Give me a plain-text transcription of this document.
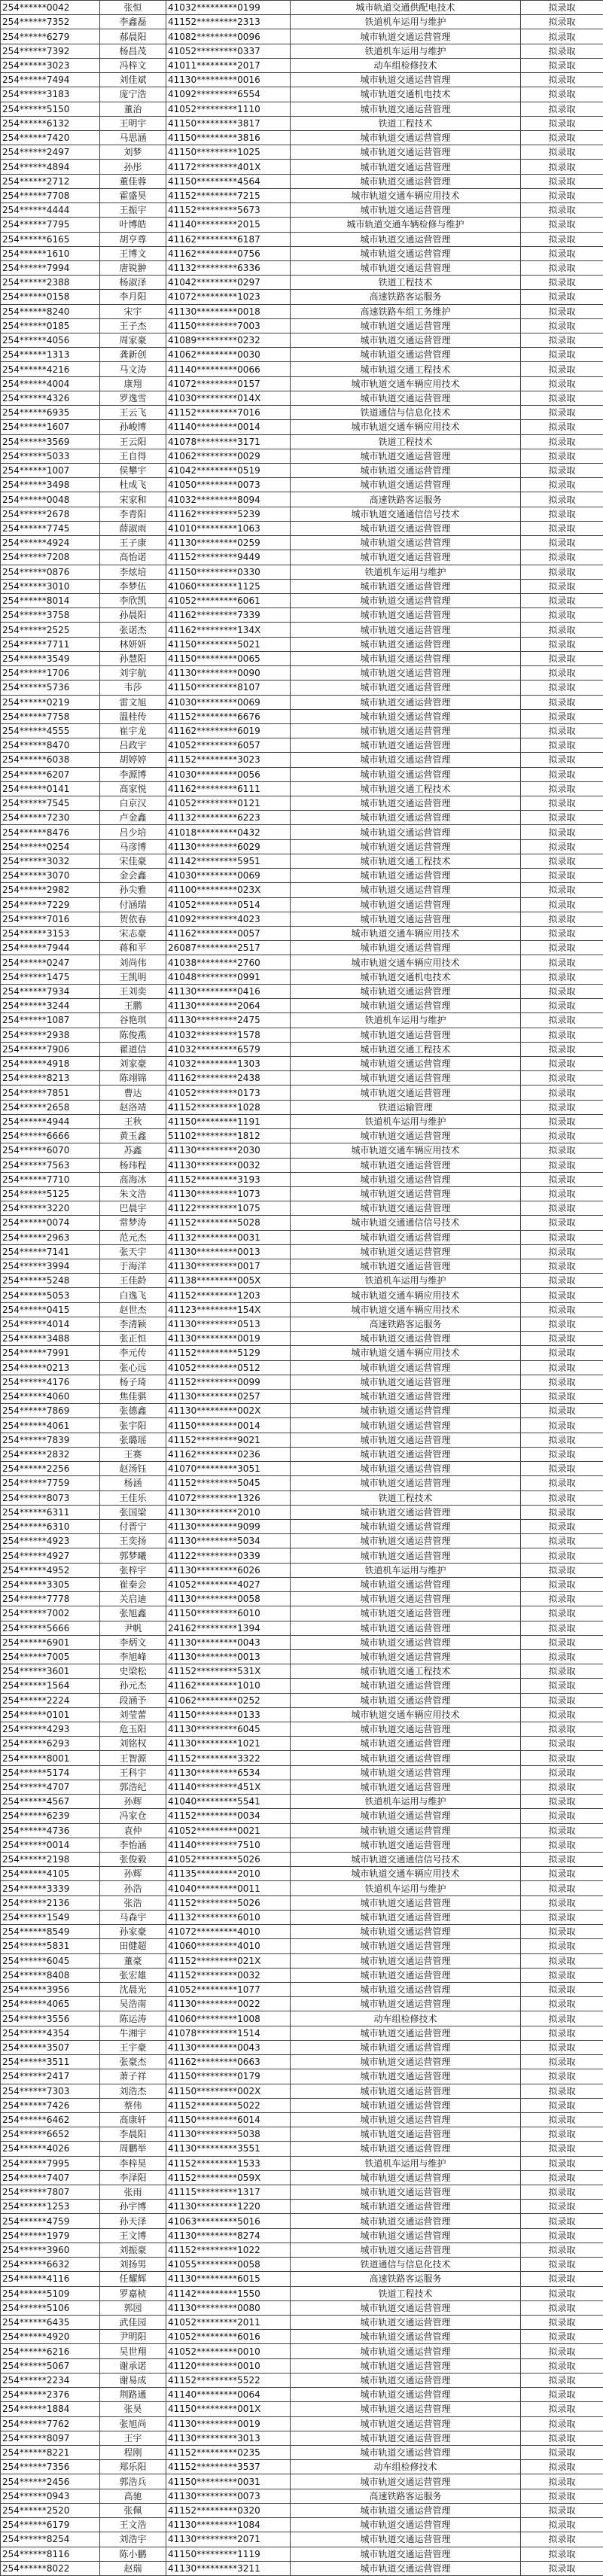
254******0042	张恒	41032*********0199	城市轨道交通供配电技术	拟录取
254******7352	李鑫磊	41152*********2313	铁道机车运用与维护	拟录取
254******6279	郝晨阳	41082*********0096	城市轨道交通运营管理	拟录取
254******7392	杨昌茂	41052*********0337	铁道机车运用与维护	拟录取
254******3023	冯梓文	41011*********2017	动车组检修技术	拟录取
254******7494	刘佳斌	41130*********0016	城市轨道交通运营管理	拟录取
254******3183	庞宁浩	41092*********6554	城市轨道交通机电技术	拟录取
254******5150	董治	41052*********1110	城市轨道交通运营管理	拟录取
254******6132	王明宇	41150*********3817	铁道工程技术	拟录取
254******7420	马思涵	41150*********3816	城市轨道交通运营管理	拟录取
254******2497	刘梦	41150*********1025	城市轨道交通运营管理	拟录取
254******4894	孙彤	41172*********401X	城市轨道交通运营管理	拟录取
254******2712	董佳蓉	41150*********4564	城市轨道交通运营管理	拟录取
254******7708	霍盛昊	41152*********7215	城市轨道交通车辆应用技术	拟录取
254******4444	王振宇	41152*********5673	城市轨道交通运营管理	拟录取
254******7795	叶博皓	41140*********2015	城市轨道交通车辆检修与维护	拟录取
254******6165	胡亨尊	41162*********6187	城市轨道交通运营管理	拟录取
254******1610	王博文	41162*********0756	城市轨道交通运营管理	拟录取
254******7994	唐锐翀	41132*********6336	城市轨道交通运营管理	拟录取
254******2388	杨淑泽	41042*********0297	铁道工程技术	拟录取
254******0158	李月阳	41072*********1023	高速铁路客运服务	拟录取
254******8240	宋宇	41130*********0018	高速铁路车组工务维护	拟录取
254******0185	王子杰	41150*********7003	城市轨道交通运营管理	拟录取
254******4056	周家豪	41089*********0232	城市轨道交通运营管理	拟录取
254******1313	龚新创	41062*********0030	城市轨道交通运营管理	拟录取
254******4216	马文涛	41140*********0066	城市轨道交通工程技术	拟录取
254******4004	康翔	41072*********0157	城市轨道交通车辆应用技术	拟录取
254******4326	罗逸雪	41030*********014X	城市轨道交通运营管理	拟录取
254******6935	王云飞	41152*********7016	铁道通信与信息化技术	拟录取
254******1607	孙峻博	41140*********0014	城市轨道交通车辆应用技术	拟录取
254******3569	王云阳	41078*********3171	铁道工程技术	拟录取
254******5033	王自得	41062*********0029	城市轨道交通运营管理	拟录取
254******1007	侯攀宇	41042*********0519	城市轨道交通运营管理	拟录取
254******3498	杜成飞	41050*********0073	城市轨道交通运营管理	拟录取
254******0048	宋家和	41032*********8094	高速铁路客运服务	拟录取
254******2678	李青阳	41162*********5239	城市轨道交通通信信号技术	拟录取
254******7745	薛淑雨	41010*********1063	城市轨道交通运营管理	拟录取
254******4924	王子康	41130*********0259	城市轨道交通运营管理	拟录取
254******7208	高怡诺	41152*********9449	城市轨道交通运营管理	拟录取
254******0876	李炫培	41150*********0330	铁道机车运用与维护	拟录取
254******3010	李梦伍	41060*********1125	城市轨道交通运营管理	拟录取
254******8014	李欣凯	41052*********6061	城市轨道交通运营管理	拟录取
254******3758	孙晨阳	41162*********7339	城市轨道交通运营管理	拟录取
254******2525	张诺杰	41162*********134X	城市轨道交通运营管理	拟录取
254******7711	林妍妍	41150*********5021	城市轨道交通运营管理	拟录取
254******3549	孙慧阳	41150*********0065	城市轨道交通运营管理	拟录取
254******1706	刘宇航	41130*********0090	城市轨道交通运营管理	拟录取
254******5736	韦莎	41150*********8107	城市轨道交通运营管理	拟录取
254******0219	雷文旭	41030*********0069	城市轨道交通运营管理	拟录取
254******7758	温桂传	41152*********6676	城市轨道交通运营管理	拟录取
254******4555	崔宇龙	41162*********6019	城市轨道交通运营管理	拟录取
254******8470	吕政宇	41052*********6057	城市轨道交通运营管理	拟录取
254******6038	胡婷婷	41152*********3023	城市轨道交通运营管理	拟录取
254******6207	李源博	41030*********0056	城市轨道交通运营管理	拟录取
254******0141	高家悦	41162*********6111	城市轨道交通工程技术	拟录取
254******7545	白京汉	41052*********0121	城市轨道交通运营管理	拟录取
254******7230	卢金鑫	41132*********6223	城市轨道交通运营管理	拟录取
254******8476	吕少培	41018*********0432	城市轨道交通运营管理	拟录取
254******0254	马彦博	41130*********6029	城市轨道交通运营管理	拟录取
254******3032	宋佳豪	41142*********5951	城市轨道交通工程技术	拟录取
254******3070	金会鑫	41030*********0069	城市轨道交通运营管理	拟录取
254******2982	孙尖雅	41100*********023X	城市轨道交通运营管理	拟录取
254******7229	付涵瑞	41052*********0514	城市轨道交通运营管理	拟录取
254******7016	贺依春	41092*********4023	城市轨道交通运营管理	拟录取
254******3153	宋志豪	41162*********0057	城市轨道交通车辆应用技术	拟录取
254******7944	蒋和平	26087*********2517	城市轨道交通运营管理	拟录取
254******0247	刘尚伟	41038*********2760	城市轨道交通车辆应用技术	拟录取
254******1475	王凯明	41048*********0991	城市轨道交通机电技术	拟录取
254******7934	王刘奕	41130*********0416	城市轨道交通运营管理	拟录取
254******3244	王鹏	41130*********2064	城市轨道交通运营管理	拟录取
254******1087	谷艳琪	41130*********2475	铁道机车运用与维护	拟录取
254******2938	陈俊燕	41032*********1578	城市轨道交通运营管理	拟录取
254******7906	翟道信	41032*********6579	城市轨道交通工程技术	拟录取
254******4918	刘家豪	41032*********1303	城市轨道交通运营管理	拟录取
254******8213	陈翊锦	41162*********2438	城市轨道交通运营管理	拟录取
254******7851	曹达	41052*********0173	城市轨道交通运营管理	拟录取
254******2658	赵洛靖	41152*********1028	铁道运输管理	拟录取
254******4944	王秋	41150*********1191	铁道机车运用与维护	拟录取
254******6666	黄玉鑫	51102*********1812	城市轨道交通运营管理	拟录取
254******6070	苏鑫	41130*********2030	城市轨道交通车辆应用技术	拟录取
254******7563	杨玮程	41130*********0032	城市轨道交通运营管理	拟录取
254******7710	高海冰	41152*********3193	城市轨道交通运营管理	拟录取
254******5125	朱文浩	41130*********1073	城市轨道交通运营管理	拟录取
254******3220	巴晨宇	41122*********1075	城市轨道交通运营管理	拟录取
254******0074	常梦涛	41152*********5028	城市轨道交通通信信号技术	拟录取
254******2963	范元杰	41132*********0031	城市轨道交通运营管理	拟录取
254******7141	张天宇	41130*********0013	城市轨道交通运营管理	拟录取
254******3994	于海洋	41130*********0017	城市轨道交通运营管理	拟录取
254******5248	王佳龄	41138*********005X	铁道机车运用与维护	拟录取
254******5053	白逸飞	41152*********1203	城市轨道交通车辆应用技术	拟录取
254******0415	赵世杰	41123*********154X	城市轨道交通车辆应用技术	拟录取
254******4014	李清颖	41130*********0513	高速铁路客运服务	拟录取
254******3488	张正恒	41130*********0019	城市轨道交通运营管理	拟录取
254******7991	李元传	41152*********5129	城市轨道交通车辆应用技术	拟录取
254******0213	张心远	41052*********0512	城市轨道交通运营管理	拟录取
254******4176	杨子琦	41152*********0099	城市轨道交通运营管理	拟录取
254******4060	焦佳骐	41130*********0257	城市轨道交通运营管理	拟录取
254******7869	张德鑫	41130*********002X	城市轨道交通运营管理	拟录取
254******4061	张宇阳	41150*********0014	城市轨道交通运营管理	拟录取
254******7839	张璐瑶	41152*********9021	城市轨道交通运营管理	拟录取
254******2832	王赛	41162*********0236	城市轨道交通运营管理	拟录取
254******2256	赵汤钰	41070*********3051	城市轨道交通运营管理	拟录取
254******7759	杨涵	41152*********5045	城市轨道交通运营管理	拟录取
254******8073	王佳乐	41072*********1326	铁道工程技术	拟录取
254******6311	张国梁	41130*********2010	城市轨道交通运营管理	拟录取
254******6310	付晋宁	41130*********9099	城市轨道交通运营管理	拟录取
254******4923	王奕扬	41130*********5034	城市轨道交通运营管理	拟录取
254******4927	郭梦曦	41122*********0339	城市轨道交通运营管理	拟录取
254******4952	张梓宇	41130*********6026	铁道机车运用与维护	拟录取
254******3305	崔秦会	41052*********4027	城市轨道交通运营管理	拟录取
254******7778	关启迪	41130*********0058	城市轨道交通运营管理	拟录取
254******7002	张旭鑫	41150*********6010	城市轨道交通运营管理	拟录取
254******5666	尹帆	24162*********1394	城市轨道交通运营管理	拟录取
254******6901	李炳文	41130*********0043	城市轨道交通运营管理	拟录取
254******7005	李旭峰	41130*********0013	城市轨道交通运营管理	拟录取
254******3601	史梁松	41152*********531X	城市轨道交通工程技术	拟录取
254******1564	孙元杰	41162*********1010	城市轨道交通运营管理	拟录取
254******2224	段涵予	41062*********0252	城市轨道交通运营管理	拟录取
254******0101	刘莹蕾	41150*********0133	城市轨道交通车辆应用技术	拟录取
254******4293	危玉阳	41130*********6045	城市轨道交通运营管理	拟录取
254******6293	刘铭权	41130*********1021	城市轨道交通运营管理	拟录取
254******8001	王智源	41152*********3322	城市轨道交通运营管理	拟录取
254******5174	王科宇	41130*********6534	城市轨道交通运营管理	拟录取
254******4707	郭浩纪	41140*********451X	城市轨道交通运营管理	拟录取
254******4567	孙辉	41040*********5541	铁道机车运用与维护	拟录取
254******6239	冯家仓	41152*********0034	城市轨道交通运营管理	拟录取
254******4736	袁仲	41052*********0021	城市轨道交通运营管理	拟录取
254******0014	李怡涵	41140*********7510	城市轨道交通运营管理	拟录取
254******2198	张俊毅	41052*********5026	城市轨道交通通信信号技术	拟录取
254******4105	孙辉	41135*********2010	城市轨道交通车辆应用技术	拟录取
254******3339	孙浩	41040*********0011	铁道机车运用与维护	拟录取
254******2136	张浩	41152*********5026	城市轨道交通运营管理	拟录取
254******1549	马森宇	41132*********6010	城市轨道交通运营管理	拟录取
254******8549	孙家豪	41072*********4010	城市轨道交通运营管理	拟录取
254******5831	田健超	41060*********4010	城市轨道交通运营管理	拟录取
254******6045	董豪	41152*********021X	城市轨道交通运营管理	拟录取
254******8408	张宏雄	41152*********0032	城市轨道交通运营管理	拟录取
254******3956	沈晨光	41052*********1077	城市轨道交通运营管理	拟录取
254******4065	吴浩南	41130*********0022	城市轨道交通运营管理	拟录取
254******3556	陈运涛	41060*********1008	动车组检修技术	拟录取
254******4354	牛湘宇	41078*********1514	城市轨道交通运营管理	拟录取
254******3507	王宇豪	41130*********0043	城市轨道交通运营管理	拟录取
254******3511	张豪杰	41162*********0663	城市轨道交通运营管理	拟录取
254******2417	萧子祥	41150*********0179	城市轨道交通运营管理	拟录取
254******7303	刘浩杰	41150*********002X	城市轨道交通运营管理	拟录取
254******7426	蔡伟	41152*********5022	城市轨道交通运营管理	拟录取
254******6462	高康轩	41150*********6014	城市轨道交通运营管理	拟录取
254******6652	李晨阳	41130*********5038	城市轨道交通运营管理	拟录取
254******4026	周鹏举	41130*********3551	城市轨道交通运营管理	拟录取
254******7995	李梓昊	41152*********1533	铁道机车运用与维护	拟录取
254******7407	李泽阳	41152*********059X	城市轨道交通运营管理	拟录取
254******7807	张雨	41115*********1317	城市轨道交通运营管理	拟录取
254******1253	孙宇博	41130*********1220	城市轨道交通运营管理	拟录取
254******4759	孙天泽	41063*********5016	城市轨道交通运营管理	拟录取
254******1979	王文博	41130*********8274	城市轨道交通运营管理	拟录取
254******3960	刘振豪	41152*********1022	城市轨道交通运营管理	拟录取
254******6632	刘扬男	41055*********0058	铁道通信与信息化技术	拟录取
254******4116	任耀辉	41130*********6015	高速铁路客运服务	拟录取
254******5109	罗嘉桢	41142*********1550	铁道工程技术	拟录取
254******5106	郭园	41130*********0080	城市轨道交通运营管理	拟录取
254******6435	武佳园	41052*********2011	城市轨道交通运营管理	拟录取
254******4920	尹明阳	41052*********6016	城市轨道交通运营管理	拟录取
254******6216	吴世翔	41052*********0010	城市轨道交通运营管理	拟录取
254******5067	谢承诺	41120*********0010	城市轨道交通运营管理	拟录取
254******2234	谢易成	41152*********5522	城市轨道交通运营管理	拟录取
254******2376	荆路通	41140*********0064	城市轨道交通运营管理	拟录取
254******1884	张昊	41150*********001X	城市轨道交通运营管理	拟录取
254******7762	张旭尚	41130*********0019	城市轨道交通运营管理	拟录取
254******8097	王宇	41130*********3013	城市轨道交通运营管理	拟录取
254******8221	程刚	41152*********0235	城市轨道交通运营管理	拟录取
254******7356	郑乐阳	41152*********3537	动车组检修技术	拟录取
254******2456	郭浩兵	41150*********0031	城市轨道交通运营管理	拟录取
254******0943	高驰	41130*********0073	高速铁路客运服务	拟录取
254******2520	张佩	41152*********0320	城市轨道交通运营管理	拟录取
254******6179	王文浩	41130*********1084	城市轨道交通运营管理	拟录取
254******8254	刘浩宇	41130*********2071	城市轨道交通运营管理	拟录取
254******8116	陈小鹏	41150*********1119	城市轨道交通运营管理	拟录取
254******8022	赵瑞	41130*********3211	城市轨道交通运营管理	拟录取
